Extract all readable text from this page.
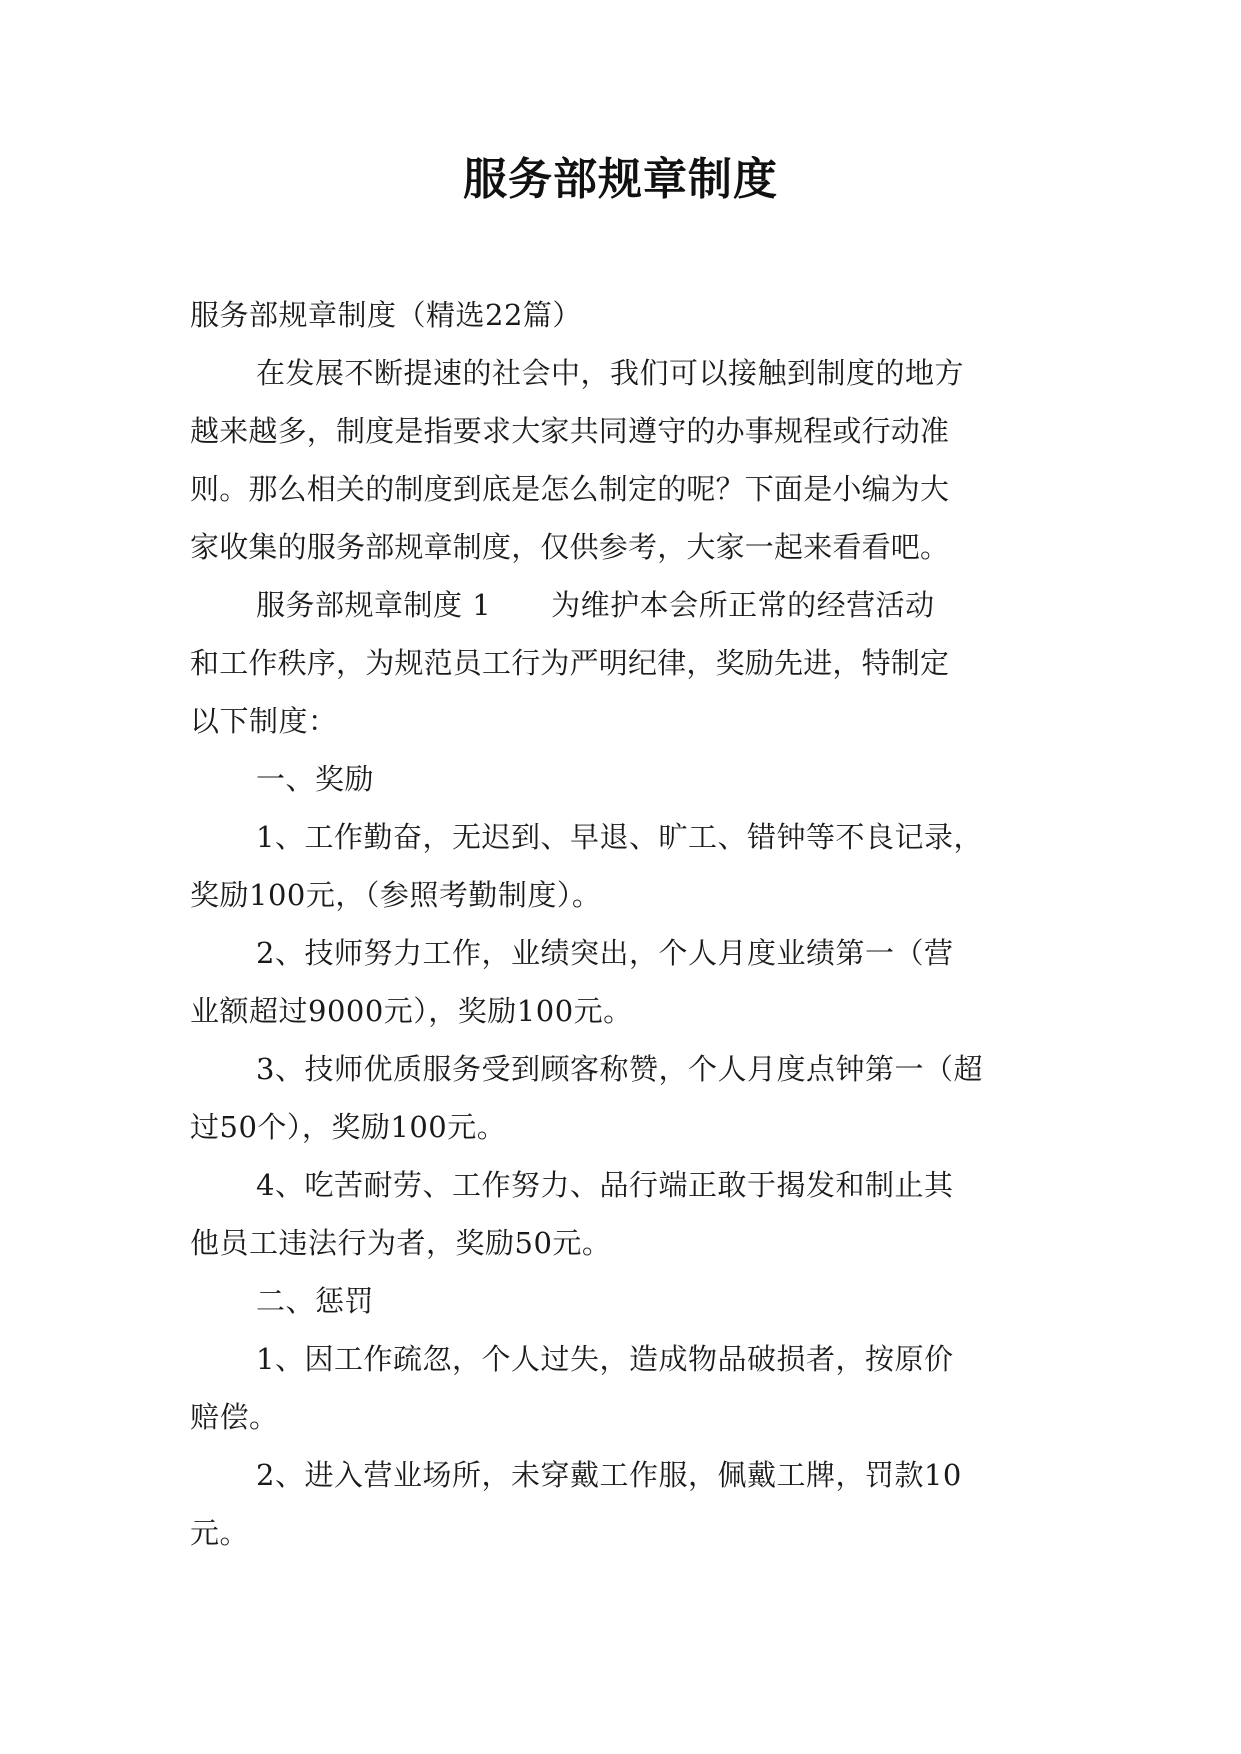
服务部规章制度
服务部规章制度（精选22篇）
在发展不断提速的社会中，我们可以接触到制度的地方
越来越多，制度是指要求大家共同遵守的办事规程或行动准
则。那么相关的制度到底是怎么制定的呢？下面是小编为大
家收集的服务部规章制度，仅供参考，大家一起来看看吧。
服务部规章制度 1 为维护本会所正常的经营活动
和工作秩序，为规范员工行为严明纪律，奖励先进，特制定
以下制度：
一、奖励
1、工作勤奋，无迟到、早退、旷工、错钟等不良记录，
奖励100元，（参照考勤制度）。
2、技师努力工作，业绩突出，个人月度业绩第一（营
业额超过9000元），奖励100元。
3、技师优质服务受到顾客称赞，个人月度点钟第一（超
过50个），奖励100元。
4、吃苦耐劳、工作努力、品行端正敢于揭发和制止其
他员工违法行为者，奖励50元。
二、惩罚
1、因工作疏忽，个人过失，造成物品破损者，按原价
赔偿。
2、进入营业场所，未穿戴工作服，佩戴工牌，罚款10
元。
